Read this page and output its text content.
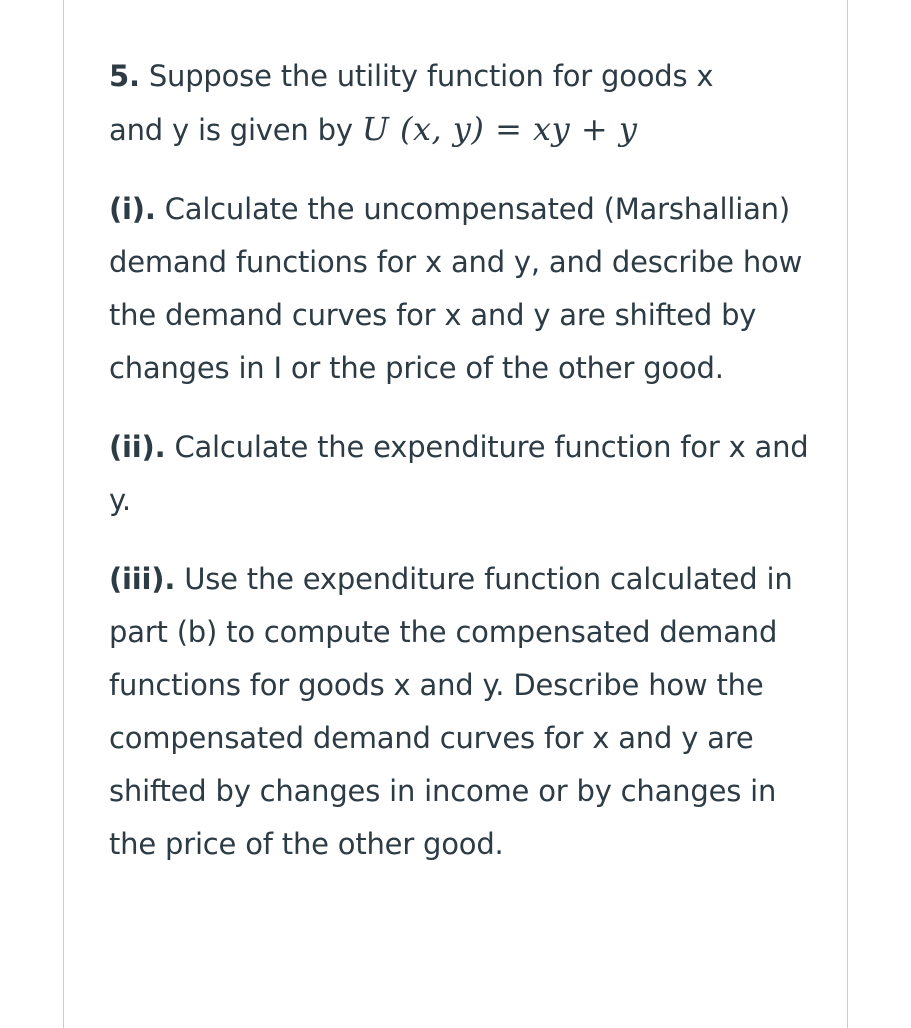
5. Suppose the utility function for goods x
and y is given by U (x, y) = xy + y

(i). Calculate the uncompensated (Marshallian) demand functions for x and y, and describe how the demand curves for x and y are shifted by changes in I or the price of the other good.

(ii). Calculate the expenditure function for x and y.

(iii). Use the expenditure function calculated in part (b) to compute the compensated demand functions for goods x and y. Describe how the compensated demand curves for x and y are shifted by changes in income or by changes in the price of the other good.
